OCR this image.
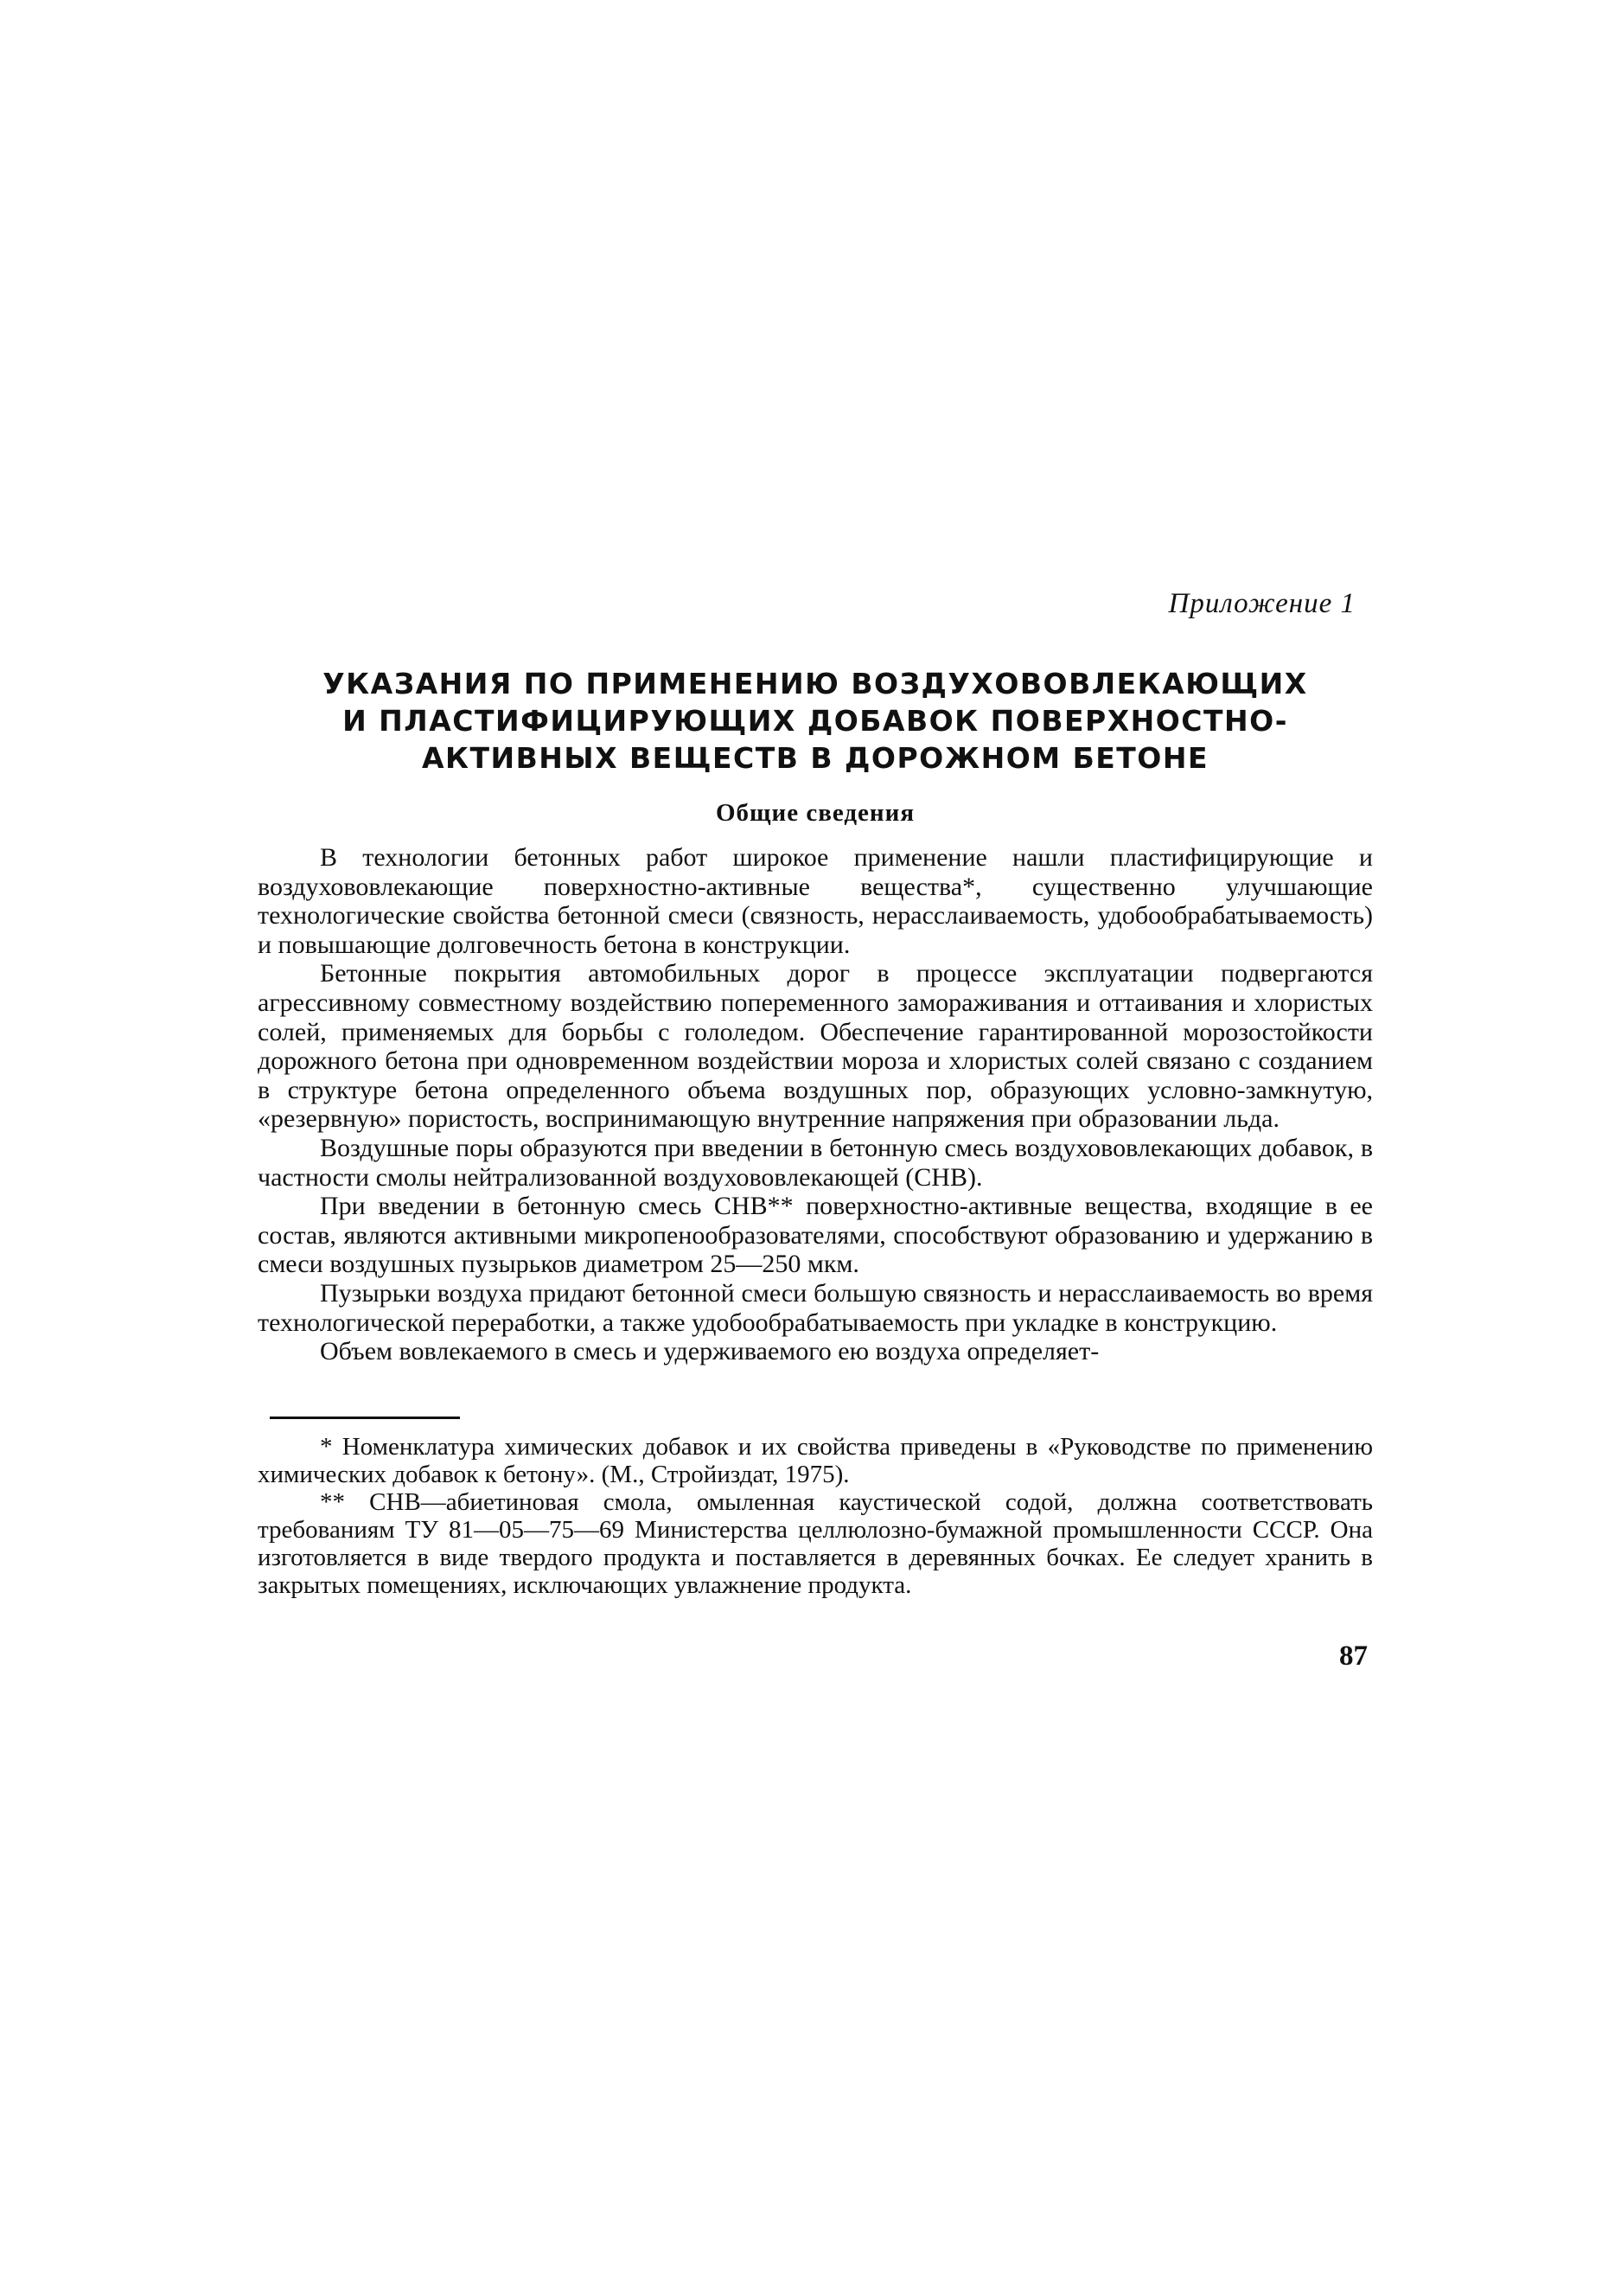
Приложение 1
УКАЗАНИЯ ПО ПРИМЕНЕНИЮ ВОЗДУХОВОВЛЕКАЮЩИХ
И ПЛАСТИФИЦИРУЮЩИХ ДОБАВОК ПОВЕРХНОСТНО-
АКТИВНЫХ ВЕЩЕСТВ В ДОРОЖНОМ БЕТОНЕ
Общие сведения

В технологии бетонных работ широкое применение нашли пластифицирующие и воздухововлекающие поверхностно-активные вещества*, существенно улучшающие технологические свойства бетонной смеси (связность, нерасслаиваемость, удобообрабатываемость) и повышающие долговечность бетона в конструкции.

Бетонные покрытия автомобильных дорог в процессе эксплуатации подвергаются агрессивному совместному воздействию попеременного замораживания и оттаивания и хлористых солей, применяемых для борьбы с гололедом. Обеспечение гарантированной морозостойкости дорожного бетона при одновременном воздействии мороза и хлористых солей связано с созданием в структуре бетона определенного объема воздушных пор, образующих условно-замкнутую, «резервную» пористость, воспринимающую внутренние напряжения при образовании льда.

Воздушные поры образуются при введении в бетонную смесь воздухововлекающих добавок, в частности смолы нейтрализованной воздухововлекающей (СНВ).

При введении в бетонную смесь СНВ** поверхностно-активные вещества, входящие в ее состав, являются активными микропенообразователями, способствуют образованию и удержанию в смеси воздушных пузырьков диаметром 25—250 мкм.

Пузырьки воздуха придают бетонной смеси большую связность и нерасслаиваемость во время технологической переработки, а также удобообрабатываемость при укладке в конструкцию.

Объем вовлекаемого в смесь и удерживаемого ею воздуха определяет-

* Номенклатура химических добавок и их свойства приведены в «Руководстве по применению химических добавок к бетону». (М., Стройиздат, 1975).

** СНВ—абиетиновая смола, омыленная каустической содой, должна соответствовать требованиям ТУ 81—05—75—69 Министерства целлюлозно-бумажной промышленности СССР. Она изготовляется в виде твердого продукта и поставляется в деревянных бочках. Ее следует хранить в закрытых помещениях, исключающих увлажнение продукта.

87
